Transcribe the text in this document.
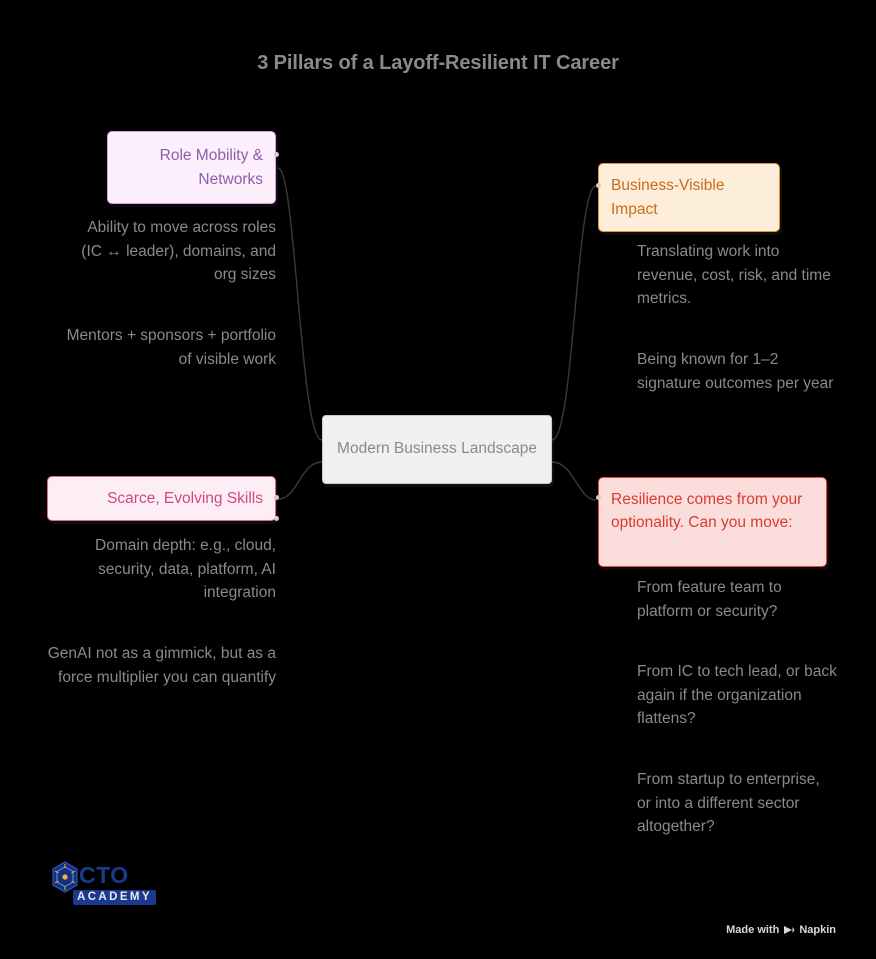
3 Pillars of a Layoff-Resilient IT Career
Modern Business Landscape
Role Mobility & Networks
Ability to move across roles (IC ↔ leader), domains, and org sizes
Mentors + sponsors + portfolio of visible work
Scarce, Evolving Skills
Domain depth: e.g., cloud, security, data, platform, AI integration
GenAI not as a gimmick, but as a force multiplier you can quantify
Business-Visible Impact
Translating work into revenue, cost, risk, and time metrics.
Being known for 1–2 signature outcomes per year
Resilience comes from your optionality. Can you move:
From feature team to platform or security?
From IC to tech lead, or back again if the organization flattens?
From startup to enterprise, or into a different sector altogether?
CTO
ACADEMY
Made with Napkin
